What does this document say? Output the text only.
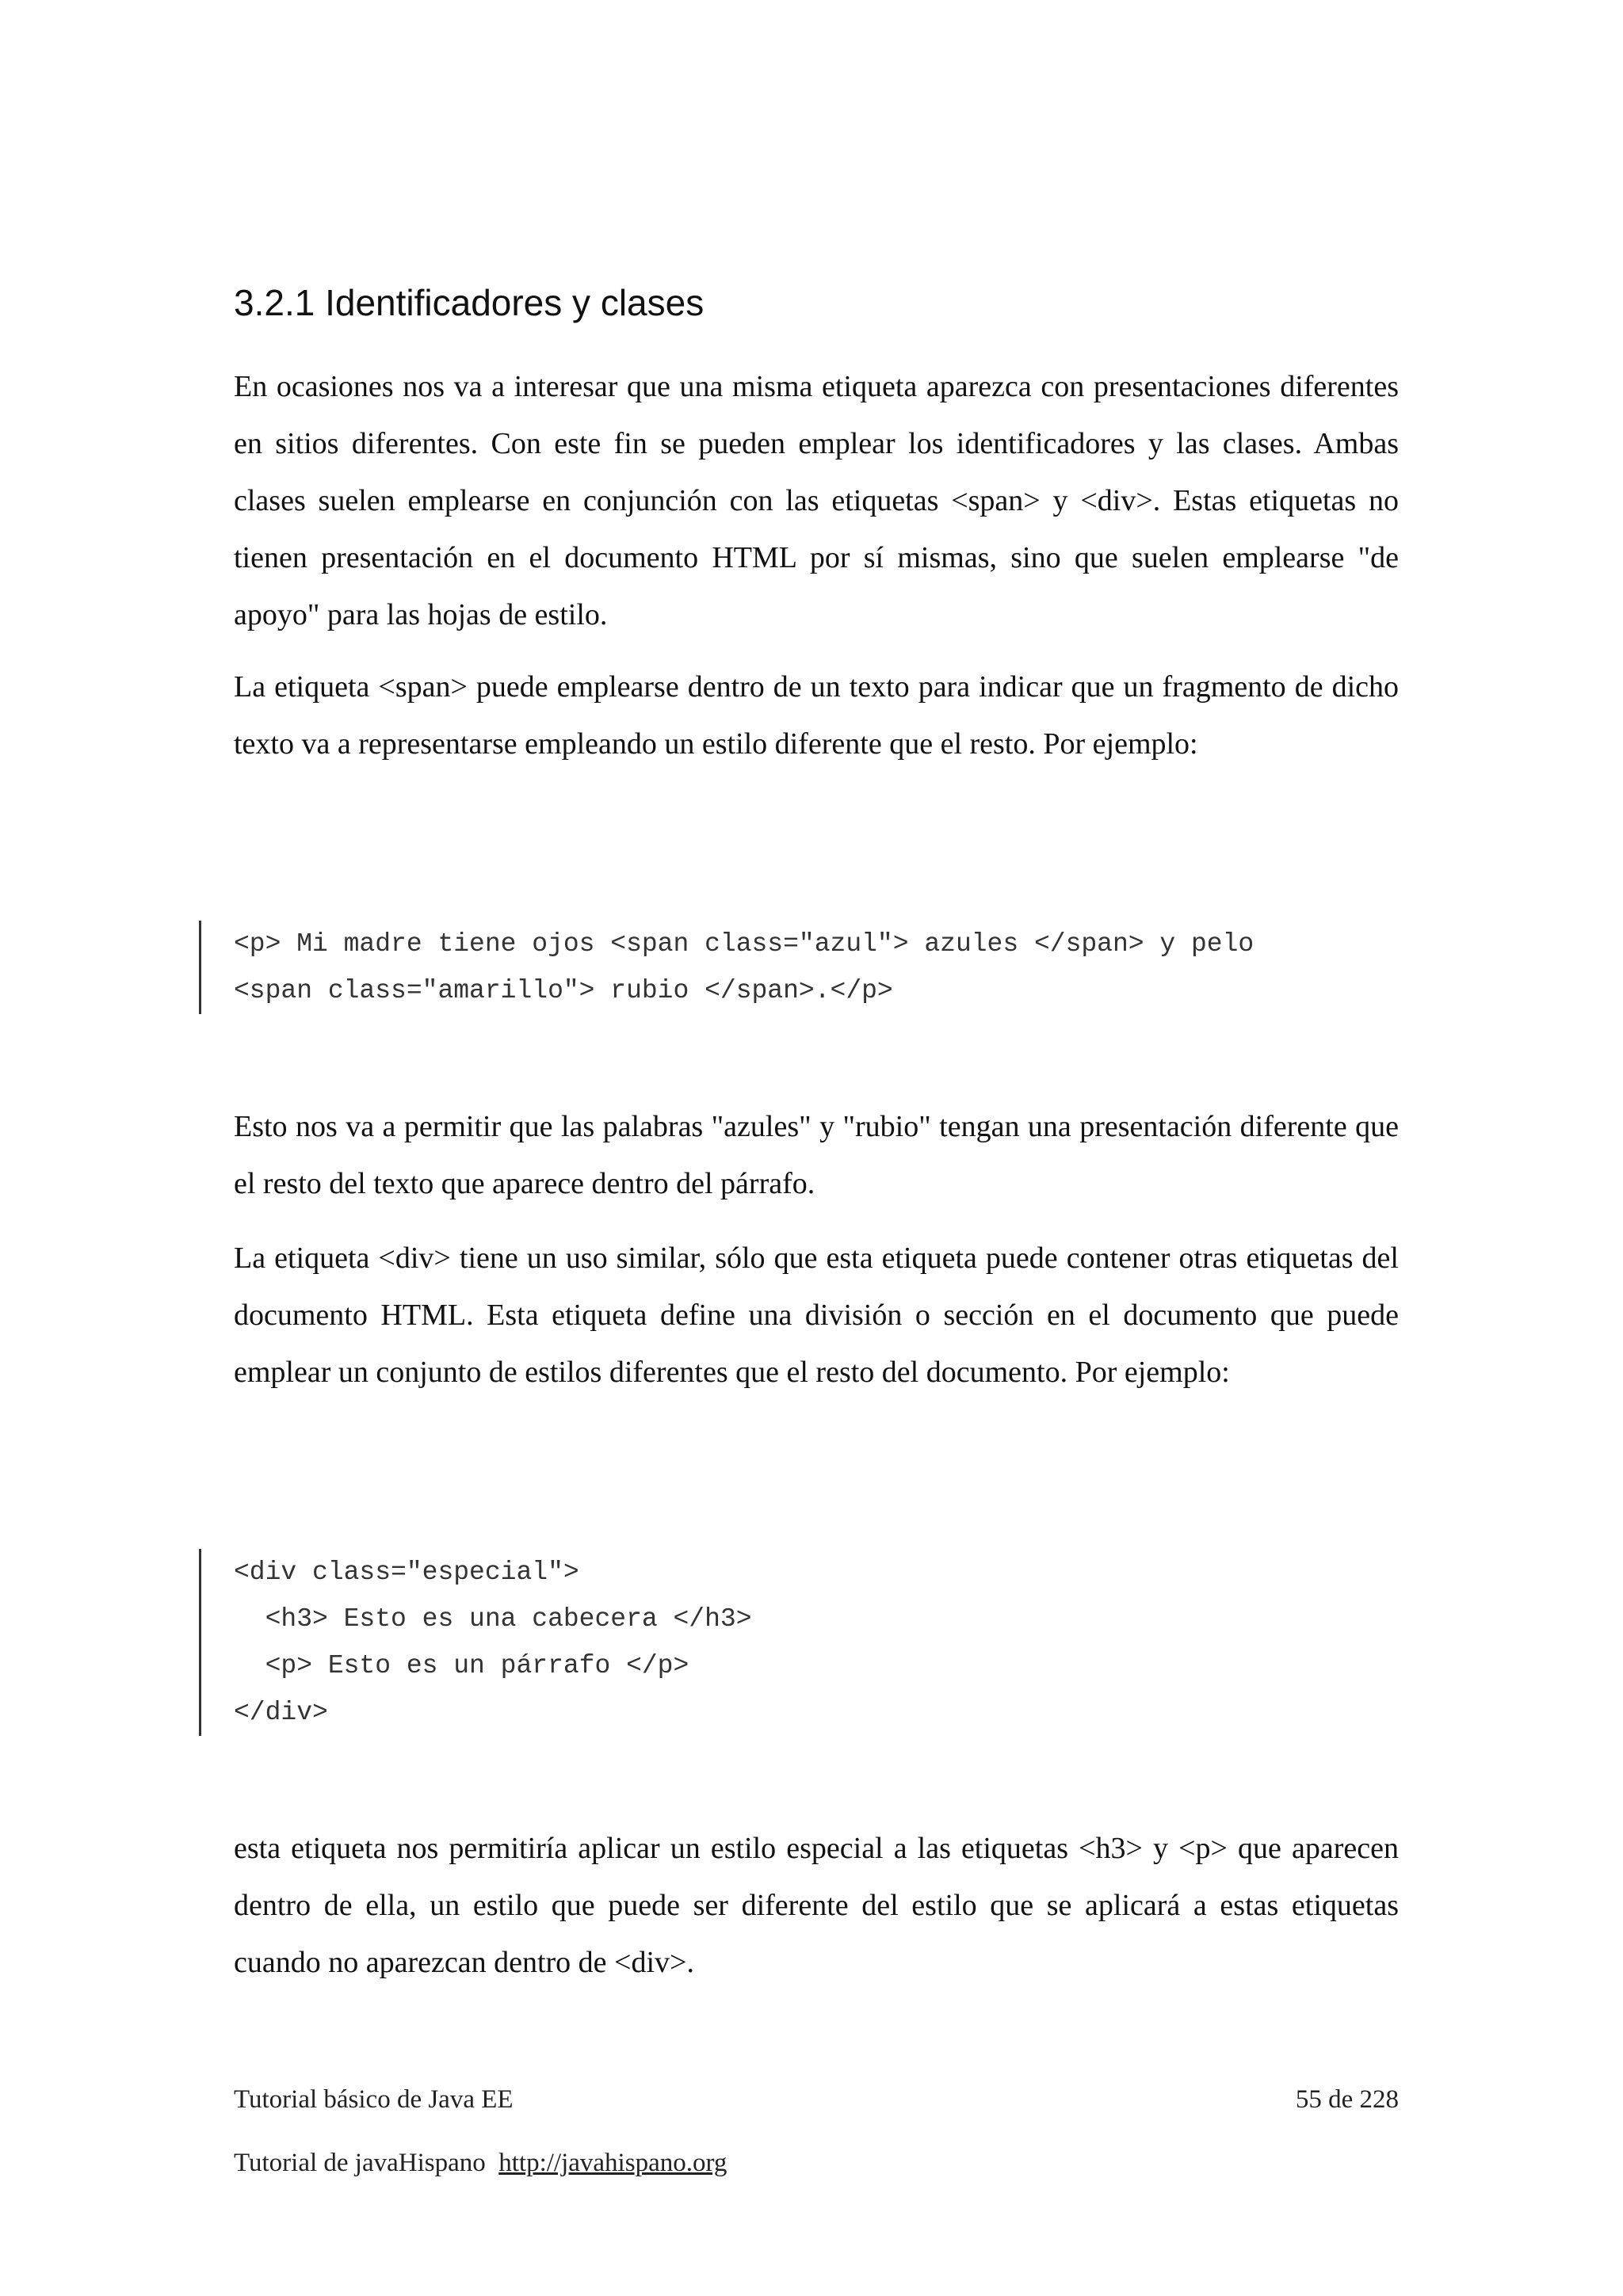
3.2.1 Identificadores y clases

En ocasiones nos va a interesar que una misma etiqueta aparezca con presentaciones diferentes en sitios diferentes. Con este fin se pueden emplear los identificadores y las clases. Ambas clases suelen emplearse en conjunción con las etiquetas <span> y <div>. Estas etiquetas no tienen presentación en el documento HTML por sí mismas, sino que suelen emplearse "de apoyo" para las hojas de estilo.

La etiqueta <span> puede emplearse dentro de un texto para indicar que un fragmento de dicho texto va a representarse empleando un estilo diferente que el resto. Por ejemplo:

<p> Mi madre tiene ojos <span class="azul"> azules </span> y pelo
<span class="amarillo"> rubio </span>.</p>

Esto nos va a permitir que las palabras "azules" y "rubio" tengan una presentación diferente que el resto del texto que aparece dentro del párrafo.

La etiqueta <div> tiene un uso similar, sólo que esta etiqueta puede contener otras etiquetas del documento HTML. Esta etiqueta define una división o sección en el documento que puede emplear un conjunto de estilos diferentes que el resto del documento. Por ejemplo:

<div class="especial">
<h3> Esto es una cabecera </h3>
<p> Esto es un párrafo </p>
</div>

esta etiqueta nos permitiría aplicar un estilo especial a las etiquetas <h3> y <p> que aparecen dentro de ella, un estilo que puede ser diferente del estilo que se aplicará a estas etiquetas cuando no aparezcan dentro de <div>.

Tutorial básico de Java EE	55 de 228
Tutorial de javaHispano  http://javahispano.org
